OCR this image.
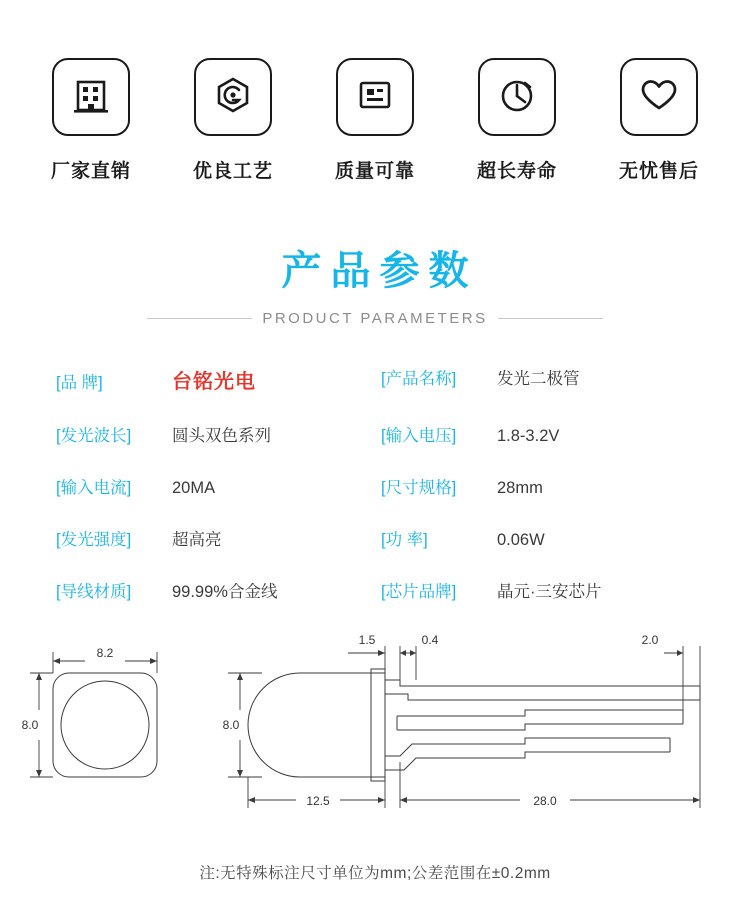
厂家直销	优良工艺	质量可靠	超长寿命	无忧售后
产品参数
PRODUCT PARAMETERS
[品 牌]	台铭光电	[产品名称]	发光二极管
[发光波长]	圆头双色系列	[输入电压]	1.8-3.2V
[输入电流]	20MA	[尺寸规格]	28mm
[发光强度]	超高亮	[功 率]	0.06W
[导线材质]	99.99%合金线	[芯片品牌]	晶元·三安芯片
8.2
8.0
1.5	0.4	2.0
8.0
12.5	28.0
注:无特殊标注尺寸单位为mm;公差范围在±0.2mm
